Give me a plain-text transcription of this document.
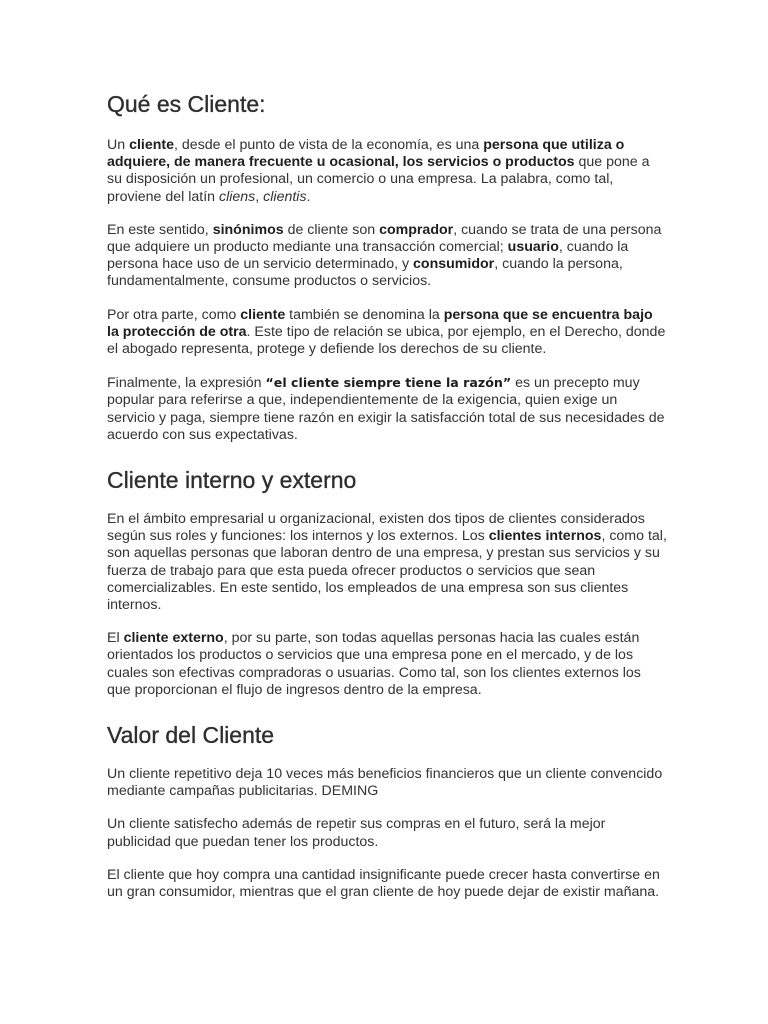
Qué es Cliente:

Un cliente, desde el punto de vista de la economía, es una persona que utiliza o adquiere, de manera frecuente u ocasional, los servicios o productos que pone a su disposición un profesional, un comercio o una empresa. La palabra, como tal, proviene del latín cliens, clientis.

En este sentido, sinónimos de cliente son comprador, cuando se trata de una persona que adquiere un producto mediante una transacción comercial; usuario, cuando la persona hace uso de un servicio determinado, y consumidor, cuando la persona, fundamentalmente, consume productos o servicios.

Por otra parte, como cliente también se denomina la persona que se encuentra bajo la protección de otra. Este tipo de relación se ubica, por ejemplo, en el Derecho, donde el abogado representa, protege y defiende los derechos de su cliente.

Finalmente, la expresión “el cliente siempre tiene la razón” es un precepto muy popular para referirse a que, independientemente de la exigencia, quien exige un servicio y paga, siempre tiene razón en exigir la satisfacción total de sus necesidades de acuerdo con sus expectativas.

Cliente interno y externo

En el ámbito empresarial u organizacional, existen dos tipos de clientes considerados según sus roles y funciones: los internos y los externos. Los clientes internos, como tal, son aquellas personas que laboran dentro de una empresa, y prestan sus servicios y su fuerza de trabajo para que esta pueda ofrecer productos o servicios que sean comercializables. En este sentido, los empleados de una empresa son sus clientes internos.

El cliente externo, por su parte, son todas aquellas personas hacia las cuales están orientados los productos o servicios que una empresa pone en el mercado, y de los cuales son efectivas compradoras o usuarias. Como tal, son los clientes externos los que proporcionan el flujo de ingresos dentro de la empresa.

Valor del Cliente

Un cliente repetitivo deja 10 veces más beneficios financieros que un cliente convencido mediante campañas publicitarias. DEMING

Un cliente satisfecho además de repetir sus compras en el futuro, será la mejor publicidad que puedan tener los productos.

El cliente que hoy compra una cantidad insignificante puede crecer hasta convertirse en un gran consumidor, mientras que el gran cliente de hoy puede dejar de existir mañana.
